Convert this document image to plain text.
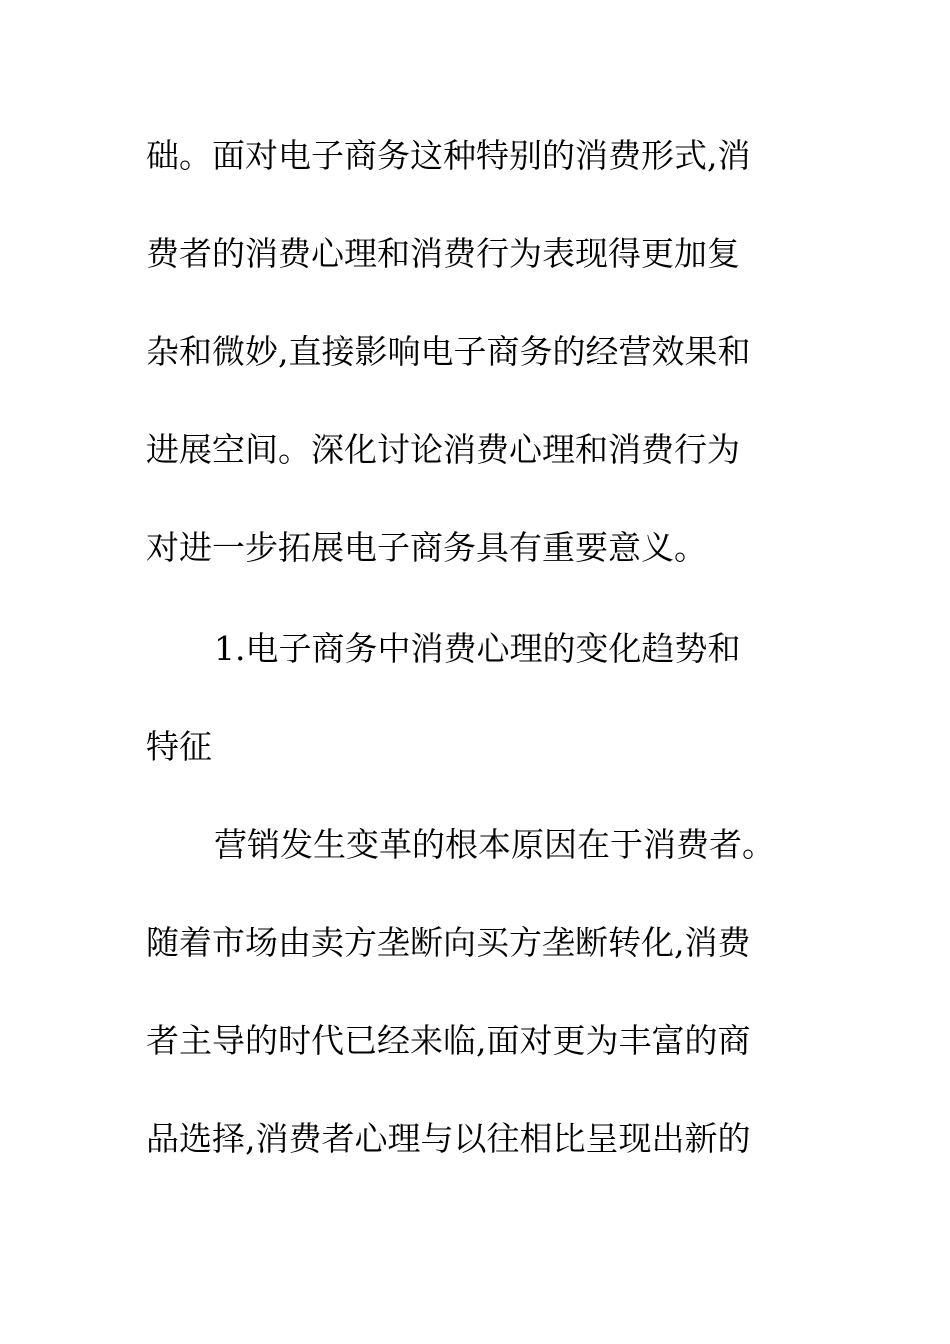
础。面对电子商务这种特别的消费形式,消
费者的消费心理和消费行为表现得更加复
杂和微妙,直接影响电子商务的经营效果和
进展空间。深化讨论消费心理和消费行为
对进一步拓展电子商务具有重要意义。
1.电子商务中消费心理的变化趋势和
特征
营销发生变革的根本原因在于消费者。
随着市场由卖方垄断向买方垄断转化,消费
者主导的时代已经来临,面对更为丰富的商
品选择,消费者心理与以往相比呈现出新的
